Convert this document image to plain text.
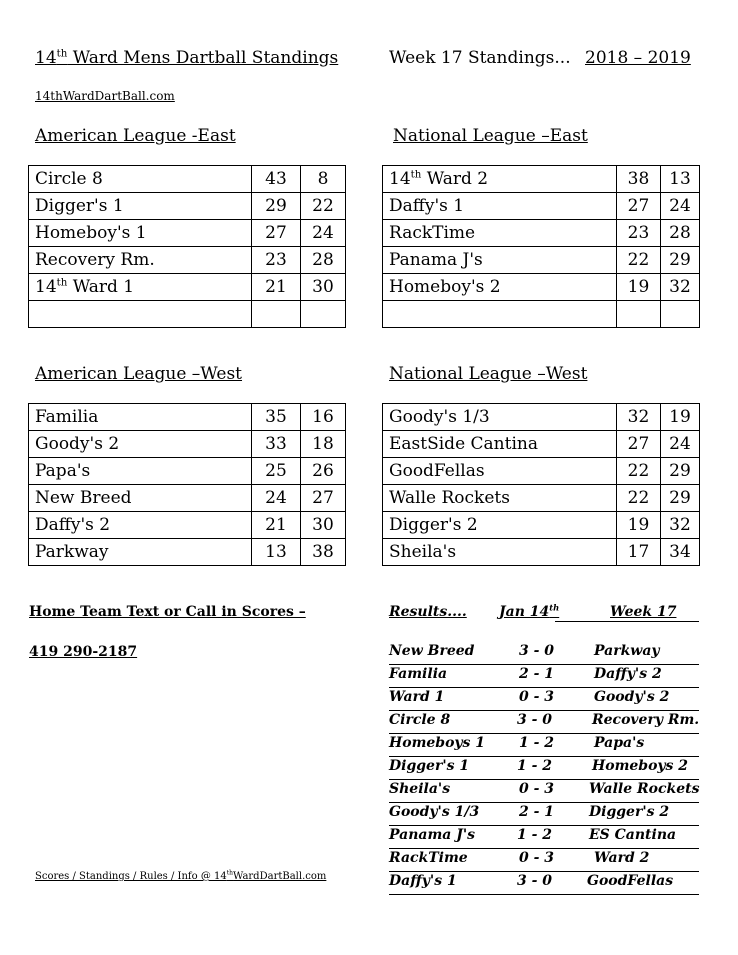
14th Ward Mens Dartball Standings	Week 17 Standings... 2018 – 2019
14thWardDartBall.com
American League -East	National League –East
American League –West	National League –West
Circle 8	43	8
Digger's 1	29	22
Homeboy's 1	27	24
Recovery Rm.	23	28
14th Ward 1	21	30

14th Ward 2	38	13
Daffy's 1	27	24
RackTime	23	28
Panama J's	22	29
Homeboy's 2	19	32

Familia	35	16
Goody's 2	33	18
Papa's	25	26
New Breed	24	27
Daffy's 2	21	30
Parkway	13	38
Goody's 1/3	32	19
EastSide Cantina	27	24
GoodFellas	22	29
Walle Rockets	22	29
Digger's 2	19	32
Sheila's	17	34
Home Team Text or Call in Scores –
419 290-2187
Results.... Jan 14th	Week 17
New Breed	3 - 0	Parkway
Familia	2 - 1	Daffy's 2
Ward 1	0 - 3	Goody's 2
Circle 8	3 - 0	Recovery Rm.
Homeboys 1 1 - 2	Papa's
Digger's 1	1 - 2	Homeboys 2
Sheila's	0 - 3 Walle Rockets
Goody's 1/3	2 - 1 Digger's 2
Panama J's	1 - 2	ES Cantina
RackTime	0 - 3	Ward 2
Daffy's 1	3 - 0 GoodFellas
Scores / Standings / Rules / Info @ 14thWardDartBall.com
